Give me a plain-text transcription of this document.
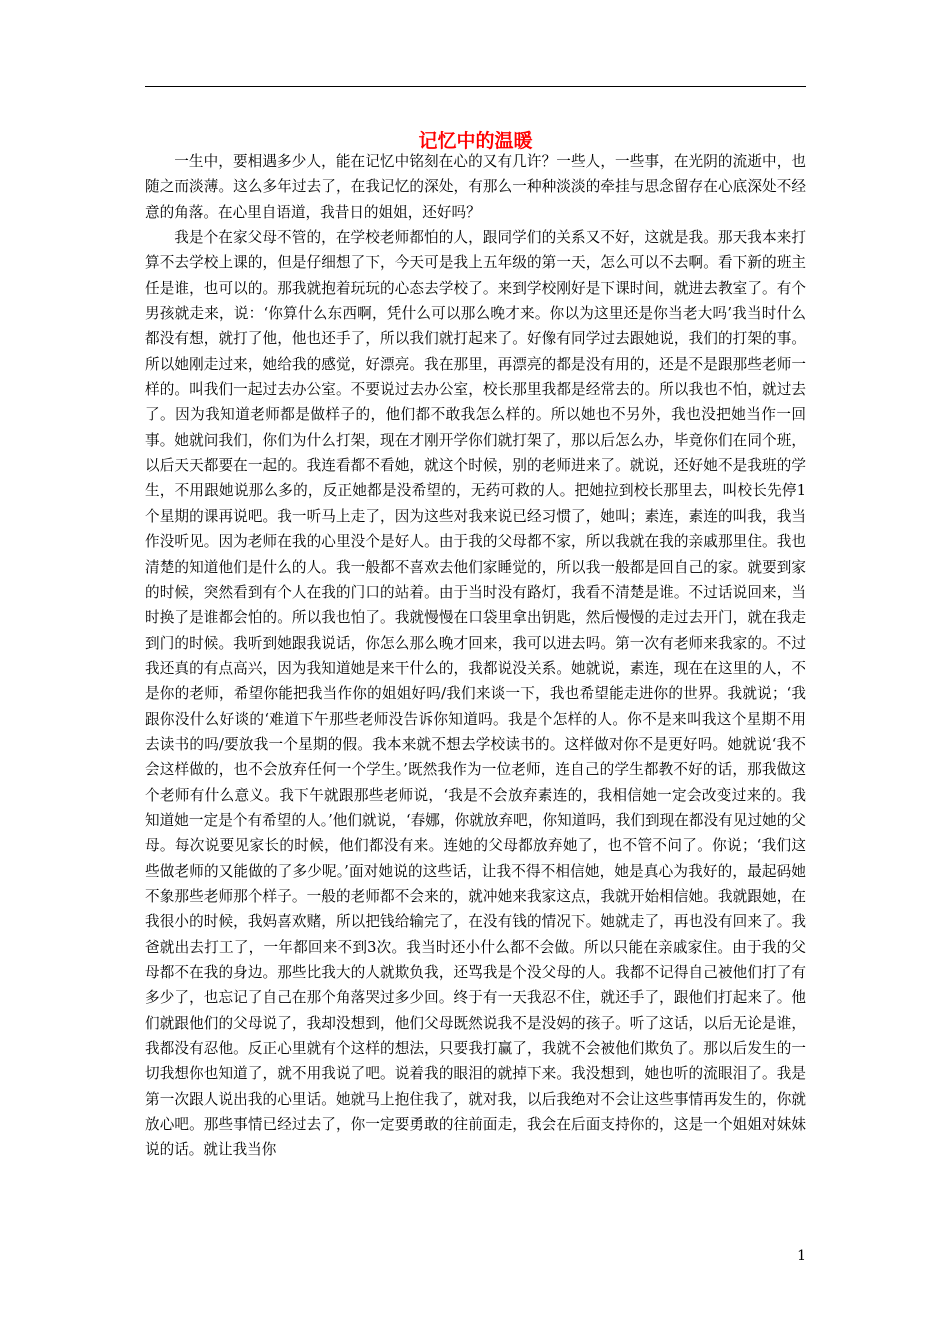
记忆中的温暖

一生中，要相遇多少人，能在记忆中铭刻在心的又有几许？一些人，一些事，在光阴的流逝中，也随之而淡薄。这么多年过去了，在我记忆的深处，有那么一种种淡淡的牵挂与思念留存在心底深处不经意的角落。在心里自语道，我昔日的姐姐，还好吗？

我是个在家父母不管的，在学校老师都怕的人，跟同学们的关系又不好，这就是我。那天我本来打算不去学校上课的，但是仔细想了下，今天可是我上五年级的第一天，怎么可以不去啊。看下新的班主任是谁，也可以的。那我就抱着玩玩的心态去学校了。来到学校刚好是下课时间，就进去教室了。有个男孩就走来，说：‘你算什么东西啊，凭什么可以那么晚才来。你以为这里还是你当老大吗’我当时什么都没有想，就打了他，他也还手了，所以我们就打起来了。好像有同学过去跟她说，我们的打架的事。所以她刚走过来，她给我的感觉，好漂亮。我在那里，再漂亮的都是没有用的，还是不是跟那些老师一样的。叫我们一起过去办公室。不要说过去办公室，校长那里我都是经常去的。所以我也不怕，就过去了。因为我知道老师都是做样子的，他们都不敢我怎么样的。所以她也不另外，我也没把她当作一回事。她就问我们，你们为什么打架，现在才刚开学你们就打架了，那以后怎么办，毕竟你们在同个班，以后天天都要在一起的。我连看都不看她，就这个时候，别的老师进来了。就说，还好她不是我班的学生，不用跟她说那么多的，反正她都是没希望的，无药可救的人。把她拉到校长那里去，叫校长先停1个星期的课再说吧。我一听马上走了，因为这些对我来说已经习惯了，她叫；素连，素连的叫我，我当作没听见。因为老师在我的心里没个是好人。由于我的父母都不家，所以我就在我的亲戚那里住。我也清楚的知道他们是什么的人。我一般都不喜欢去他们家睡觉的，所以我一般都是回自己的家。就要到家的时候，突然看到有个人在我的门口的站着。由于当时没有路灯，我看不清楚是谁。不过话说回来，当时换了是谁都会怕的。所以我也怕了。我就慢慢在口袋里拿出钥匙，然后慢慢的走过去开门，就在我走到门的时候。我听到她跟我说话，你怎么那么晚才回来，我可以进去吗。第一次有老师来我家的。不过我还真的有点高兴，因为我知道她是来干什么的，我都说没关系。她就说，素连，现在在这里的人，不是你的老师，希望你能把我当作你的姐姐好吗/我们来谈一下，我也希望能走进你的世界。我就说；‘我跟你没什么好谈的‘难道下午那些老师没告诉你知道吗。我是个怎样的人。你不是来叫我这个星期不用去读书的吗/要放我一个星期的假。我本来就不想去学校读书的。这样做对你不是更好吗。她就说‘我不会这样做的，也不会放弃任何一个学生。’既然我作为一位老师，连自己的学生都教不好的话，那我做这个老师有什么意义。我下午就跟那些老师说，‘我是不会放弃素连的，我相信她一定会改变过来的。我知道她一定是个有希望的人。’他们就说，‘春娜，你就放弃吧，你知道吗，我们到现在都没有见过她的父母。每次说要见家长的时候，他们都没有来。连她的父母都放弃她了，也不管不问了。你说；‘我们这些做老师的又能做的了多少呢。’面对她说的这些话，让我不得不相信她，她是真心为我好的，最起码她不象那些老师那个样子。一般的老师都不会来的，就冲她来我家这点，我就开始相信她。我就跟她，在我很小的时候，我妈喜欢赌，所以把钱给输完了，在没有钱的情况下。她就走了，再也没有回来了。我爸就出去打工了，一年都回来不到3次。我当时还小什么都不会做。所以只能在亲戚家住。由于我的父母都不在我的身边。那些比我大的人就欺负我，还骂我是个没父母的人。我都不记得自己被他们打了有多少了，也忘记了自己在那个角落哭过多少回。终于有一天我忍不住，就还手了，跟他们打起来了。他们就跟他们的父母说了，我却没想到，他们父母既然说我不是没妈的孩子。听了这话，以后无论是谁，我都没有忍他。反正心里就有个这样的想法，只要我打赢了，我就不会被他们欺负了。那以后发生的一切我想你也知道了，就不用我说了吧。说着我的眼泪的就掉下来。我没想到，她也听的流眼泪了。我是第一次跟人说出我的心里话。她就马上抱住我了，就对我，以后我绝对不会让这些事情再发生的，你就放心吧。那些事情已经过去了，你一定要勇敢的往前面走，我会在后面支持你的，这是一个姐姐对妹妹说的话。就让我当你

1
